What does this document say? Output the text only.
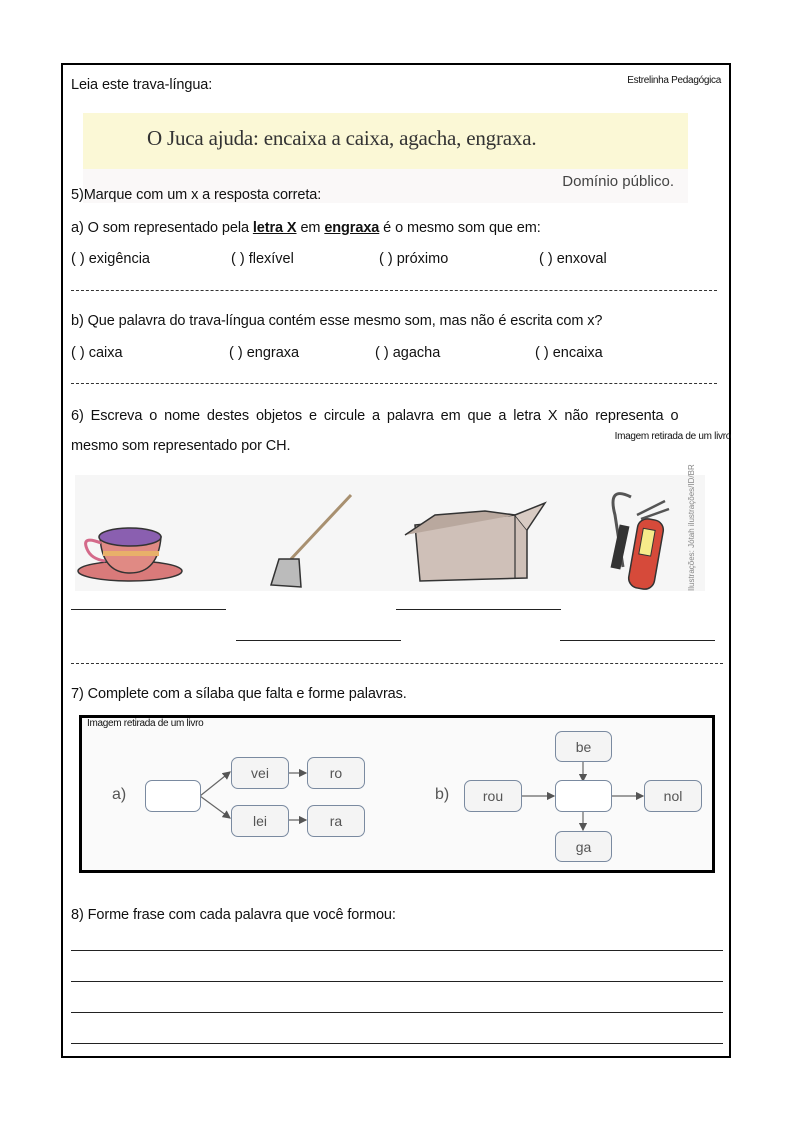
Leia este trava-língua:	Estrelinha Pedagógica
O Juca ajuda: encaixa a caixa, agacha, engraxa.
Domínio público.
5)Marque com um x a resposta correta:
a) O som representado pela letra X em engraxa é o mesmo som que em:
( ) exigência	( ) flexível	( ) próximo	( ) enxoval
b) Que palavra do trava-língua contém esse mesmo som, mas não é escrita com x?
( ) caixa	( ) engraxa	( ) agacha	( ) encaixa
6) Escreva o nome destes objetos e circule a palavra em que a letra X não representa o
mesmo som representado por CH.
Imagem retirada de um livro
Ilustrações: Jótah ilustrações/ID/BR
7) Complete com a sílaba que falta e forme palavras.
Imagem retirada de um livro
a)
vei	ro
lei	ra
b)	rou	nol
be
ga
8) Forme frase com cada palavra que você formou:
